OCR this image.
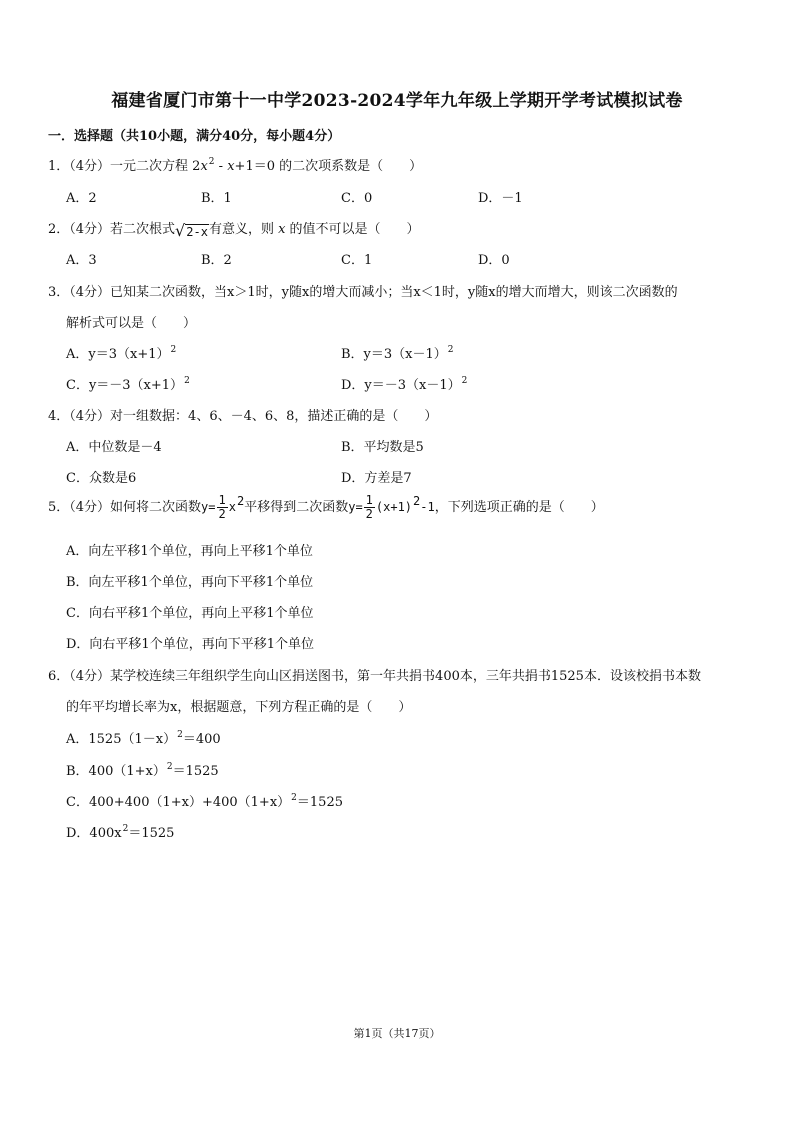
福建省厦门市第十一中学2023-2024学年九年级上学期开学考试模拟试卷
一．选择题（共10小题，满分40分，每小题4分）
1．（4分）一元二次方程 $2x^2 - x+1=0$ 的二次项系数是（　　）
A．2	B．1	C．0	D．－1
2．（4分）若二次根式 √ 2-x 有意义，则 x 的值不可以是（　　）
A．3	B．2	C．1	D．0
3．（4分）已知某二次函数，当x＞1时，y随x的增大而减小；当x＜1时，y随x的增大而增大，则该二次函数的
解析式可以是（　　）
A．$y=3(x+1)^2$	B．$y=3(x-1)^2$
C．$y=-3(x+1)^2$	D．$y=-3(x-1)^2$
4．（4分）对一组数据：4、6、－4、6、8，描述正确的是（　　）
A．中位数是－4	B．平均数是5
C．众数是6	D．方差是7
5．（4分）如何将二次函数$y= \frac{1}{2} x2$平移得到二次函数$y= \frac{1}{2} (x+1)2-1$，下列选项正确的是（　　）
A．向左平移1个单位，再向上平移1个单位
B．向左平移1个单位，再向下平移1个单位
C．向右平移1个单位，再向上平移1个单位
D．向右平移1个单位，再向下平移1个单位
6．（4分）某学校连续三年组织学生向山区捐送图书，第一年共捐书400本，三年共捐书1525本．设该校捐书本数
的年平均增长率为x，根据题意，下列方程正确的是（　　）
A．$1525(1-x)^2=400$
B．$400(1+x)^2=1525$
C．$400+400(1+x)+400(1+x)^2=1525$
D．$400x^2=1525$
第1页（共17页）
